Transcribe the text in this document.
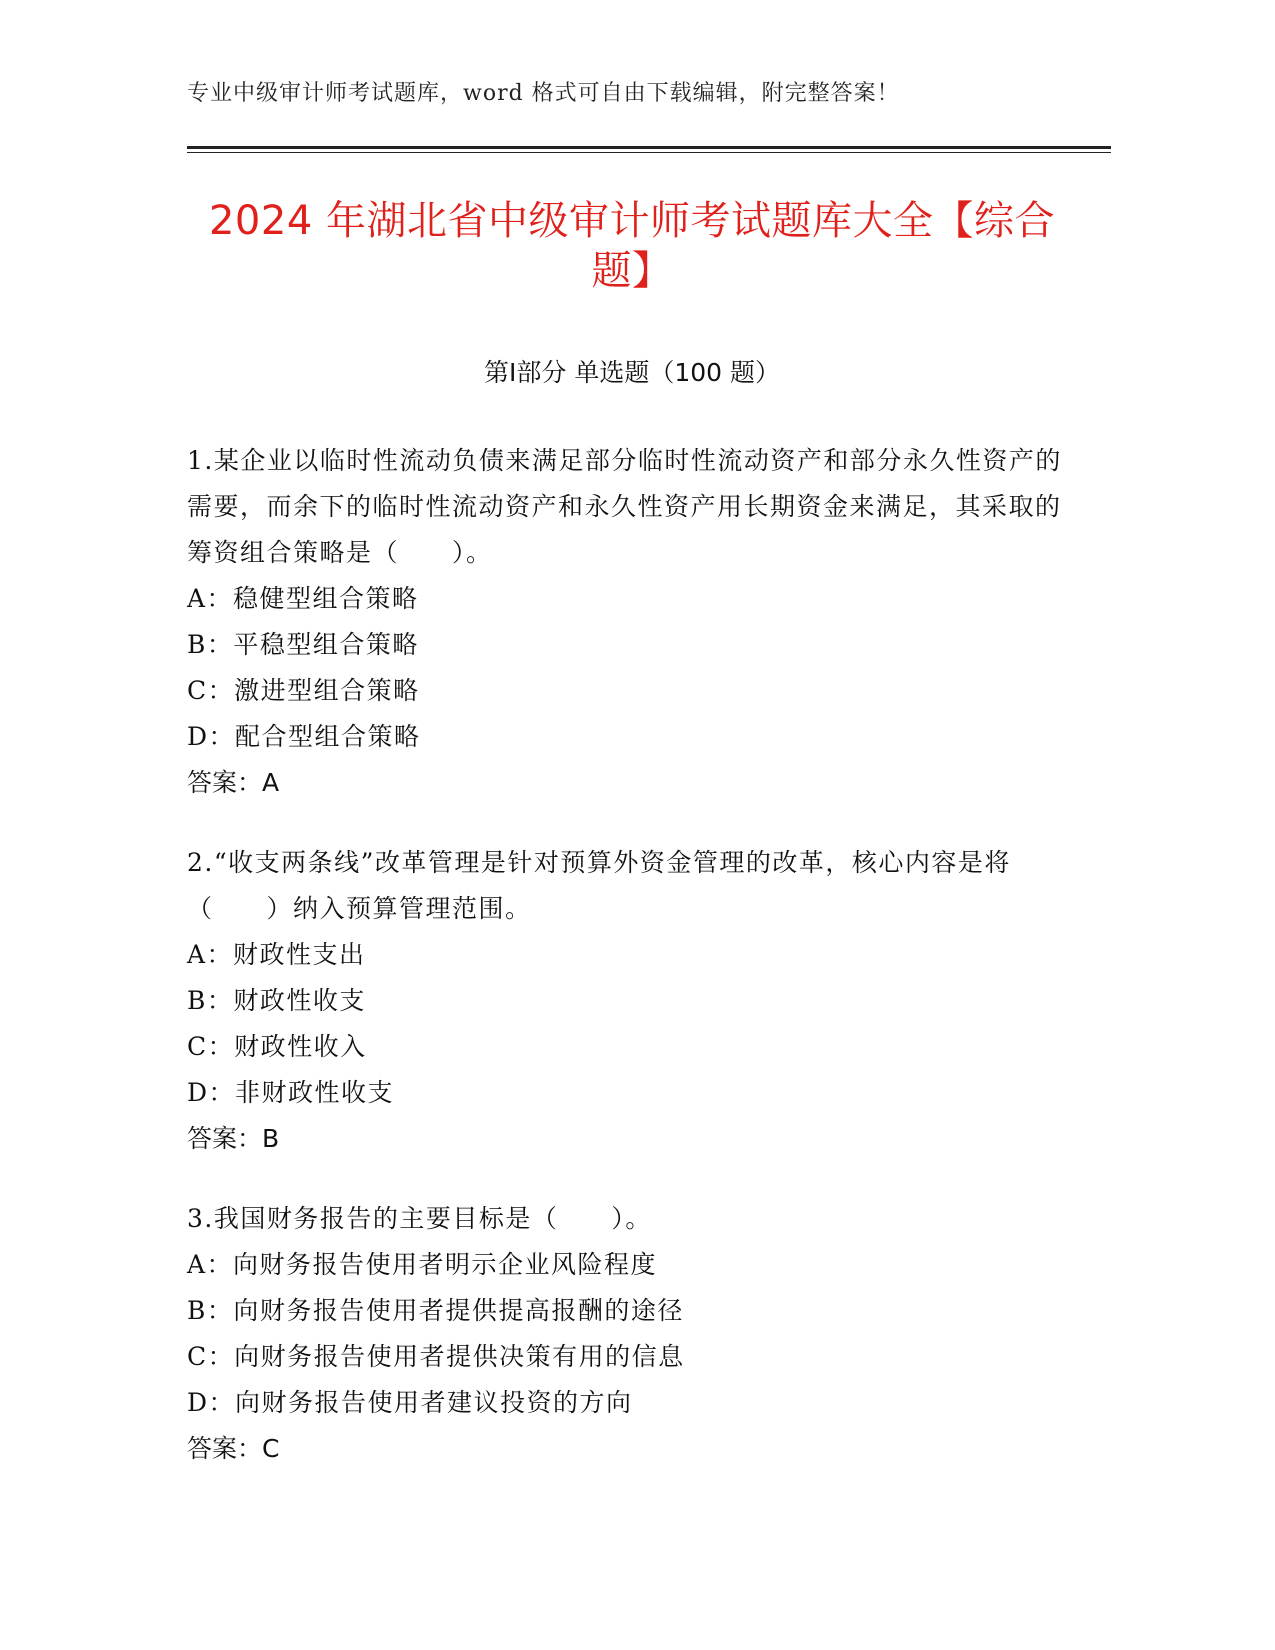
专业中级审计师考试题库，word 格式可自由下载编辑，附完整答案！
2024 年湖北省中级审计师考试题库大全【综合题】
第Ⅰ部分 单选题（100 题）
1.某企业以临时性流动负债来满足部分临时性流动资产和部分永久性资产的需要，而余下的临时性流动资产和永久性资产用长期资金来满足，其采取的筹资组合策略是（　　）。
A：稳健型组合策略
B：平稳型组合策略
C：激进型组合策略
D：配合型组合策略
答案：A
2.“收支两条线”改革管理是针对预算外资金管理的改革，核心内容是将（　　）纳入预算管理范围。
A：财政性支出
B：财政性收支
C：财政性收入
D：非财政性收支
答案：B
3.我国财务报告的主要目标是（　　）。
A：向财务报告使用者明示企业风险程度
B：向财务报告使用者提供提高报酬的途径
C：向财务报告使用者提供决策有用的信息
D：向财务报告使用者建议投资的方向
答案：C
